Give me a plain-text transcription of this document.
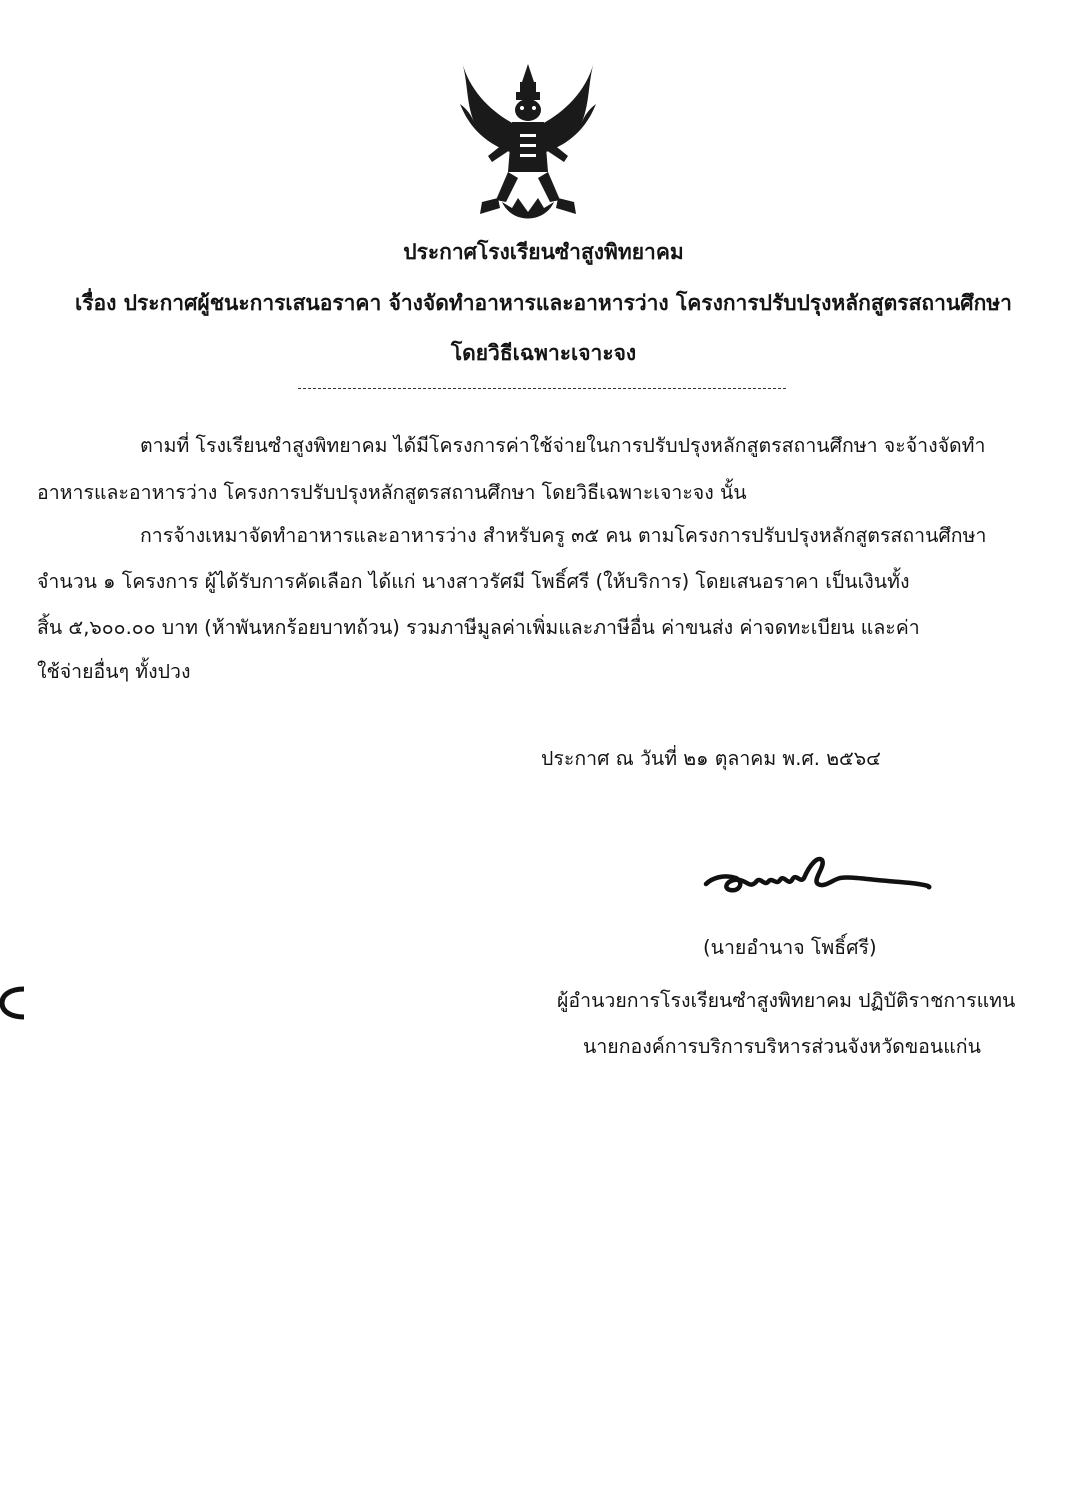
ประกาศโรงเรียนซำสูงพิทยาคม
เรื่อง ประกาศผู้ชนะการเสนอราคา จ้างจัดทำอาหารและอาหารว่าง โครงการปรับปรุงหลักสูตรสถานศึกษา
โดยวิธีเฉพาะเจาะจง
ตามที่ โรงเรียนซำสูงพิทยาคม ได้มีโครงการค่าใช้จ่ายในการปรับปรุงหลักสูตรสถานศึกษา จะจ้างจัดทำ
อาหารและอาหารว่าง โครงการปรับปรุงหลักสูตรสถานศึกษา โดยวิธีเฉพาะเจาะจง นั้น
การจ้างเหมาจัดทำอาหารและอาหารว่าง สำหรับครู ๓๕ คน ตามโครงการปรับปรุงหลักสูตรสถานศึกษา
จำนวน ๑ โครงการ ผู้ได้รับการคัดเลือก ได้แก่ นางสาวรัศมี โพธิ์ศรี (ให้บริการ) โดยเสนอราคา เป็นเงินทั้ง
สิ้น ๕,๖๐๐.๐๐ บาท (ห้าพันหกร้อยบาทถ้วน) รวมภาษีมูลค่าเพิ่มและภาษีอื่น ค่าขนส่ง ค่าจดทะเบียน และค่า
ใช้จ่ายอื่นๆ ทั้งปวง
ประกาศ ณ วันที่ ๒๑ ตุลาคม พ.ศ. ๒๕๖๔
(นายอำนาจ โพธิ์ศรี)
ผู้อำนวยการโรงเรียนซำสูงพิทยาคม ปฏิบัติราชการแทน
นายกองค์การบริการบริหารส่วนจังหวัดขอนแก่น
